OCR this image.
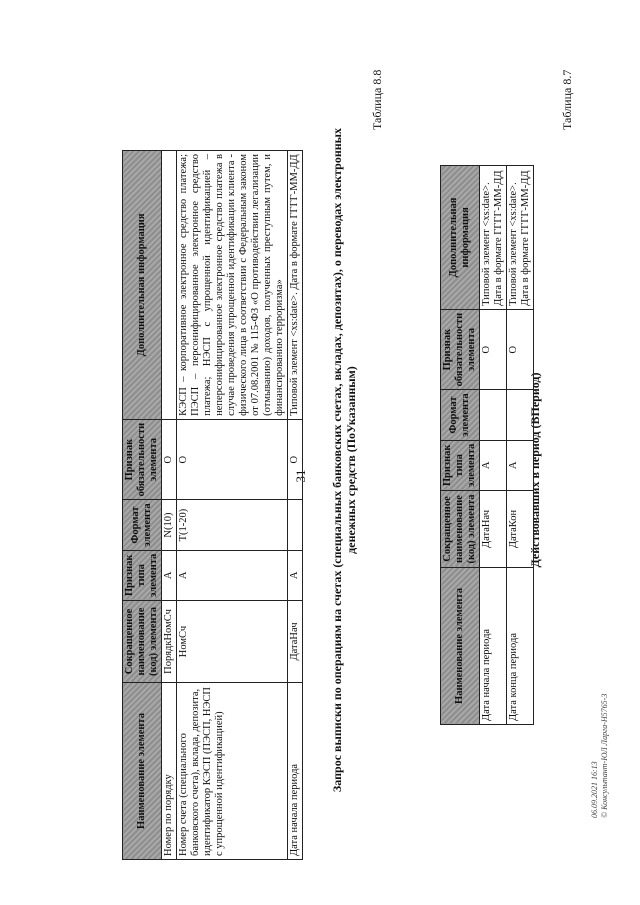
31
06.09.2021 16:13 © Консультант-ЮЛ Ларга-H5765-3
Таблица 8.7
Действовавших в период (ВПериод)
Наименование элемента	Сокращенное наименование (код) элемента	Признак типа элемента	Формат элемента	Признак обязательности элемента	Дополнительная информация
Дата начала периода	ДатаНач	А		О	Типовой элемент <xs:date>. Дата в формате ГГГГ-ММ-ДД

Дата конца периода	ДатаКон	А		О	Типовой элемент <xs:date>. Дата в формате ГГГГ-ММ-ДД
Таблица 8.8
Запрос выписки по операциям на счетах (специальных банковских счетах, вкладах, депозитах), о переводах электронных денежных средств (ПоУказанным)
Наименование элемента	Сокращенное наименование (код) элемента	Признак типа элемента	Формат элемента	Признак обязательности элемента	Дополнительная информация
Номер по порядку	ПорядкНомСч	А	N(10)	О	
Номер счета (специального банковского счета), вклада, депозита, идентификатор КЭСП (ПЭСП, НЭСП с упрощенной идентификацией)	НомСч	А	T(1-20)	О	КЭСП – корпоративное электронное средство платежа; ПЭСП – персонифицированное электронное средство платежа; НЭСП с упрощенной идентификацией – неперсонифицированное электронное средство платежа в случае проведения упрощенной идентификации клиента - физического лица в соответствии с Федеральным законом от 07.08.2001 № 115-ФЗ «О противодействии легализации (отмыванию) доходов, полученных преступным путем, и финансированию терроризма»
Дата начала периода	ДатаНач	А		О	Типовой элемент <xs:date>. Дата в формате ГГГГ-ММ-ДД
